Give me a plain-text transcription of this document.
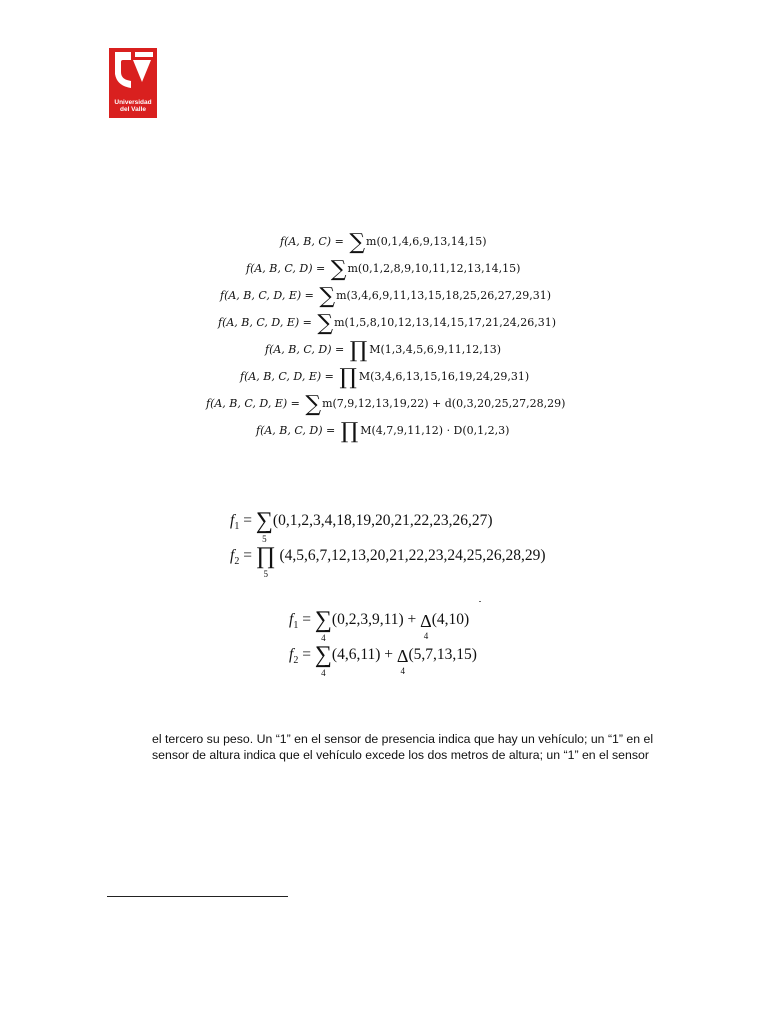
Universidad
del Valle
f(A, B, C) = ∑m(0,1,4,6,9,13,14,15)
f(A, B, C, D) = ∑m(0,1,2,8,9,10,11,12,13,14,15)
f(A, B, C, D, E) = ∑m(3,4,6,9,11,13,15,18,25,26,27,29,31)
f(A, B, C, D, E) = ∑m(1,5,8,10,12,13,14,15,17,21,24,26,31)
f(A, B, C, D) = ∏ M(1,3,4,5,6,9,11,12,13)
f(A, B, C, D, E) = ∏ M(3,4,6,13,15,16,19,24,29,31)
f(A, B, C, D, E) = ∑m(7,9,12,13,19,22) + d(0,3,20,25,27,28,29)
f(A, B, C, D) = ∏ M(4,7,9,11,12) · D(0,1,2,3)
$f_1$ = ∑
5
(0,1,2,3,4,18,19,20,21,22,23,26,27)
$f_2$ = ∏
5
(4,5,6,7,12,13,20,21,22,23,24,25,26,28,29)
$f_1$ = ∑
4
(0,2,3,9,11) + Δ
4
(4,10)
$f_2$ = ∑
4
(4,6,11) + Δ
4
(5,7,13,15)
el tercero su peso. Un “1” en el sensor de presencia indica que hay un vehículo; un “1” en el
sensor de altura indica que el vehículo excede los dos metros de altura; un “1” en el sensor
